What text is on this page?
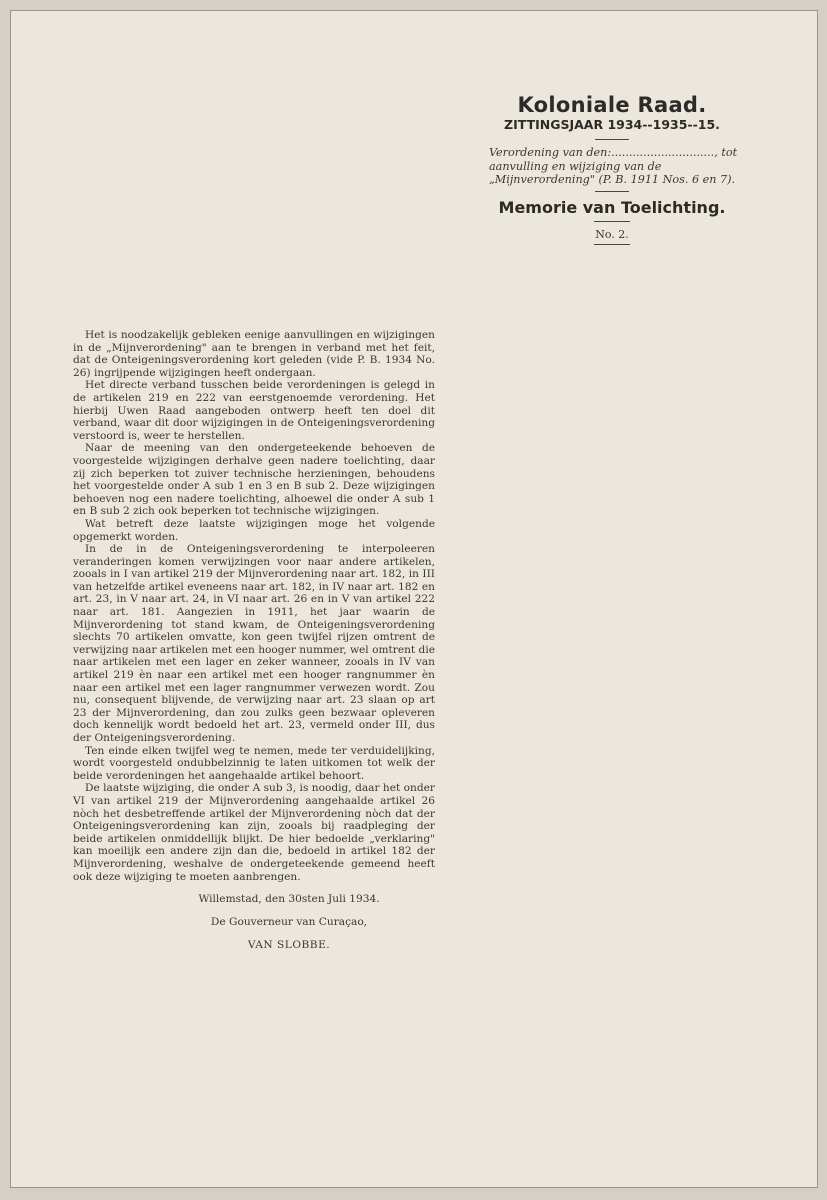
Koloniale Raad.
ZITTINGSJAAR 1934--1935--15.
Verordening van den:............................., tot aanvulling en wijziging van de „Mijnverordening" (P. B. 1911 Nos. 6 en 7).
Memorie van Toelichting.
No. 2.

Het is noodzakelijk gebleken eenige aanvullingen en wijzigingen in de „Mijnverordening" aan te brengen in verband met het feit, dat de Onteigeningsverordening kort geleden (vide P. B. 1934 No. 26) ingrijpende wijzigingen heeft ondergaan.

Het directe verband tusschen beide verordeningen is gelegd in de artikelen 219 en 222 van eerstgenoemde verordening. Het hierbij Uwen Raad aangeboden ontwerp heeft ten doel dit verband, waar dit door wijzigingen in de Onteigeningsverordening verstoord is, weer te herstellen.

Naar de meening van den ondergeteekende behoeven de voorgestelde wijzigingen derhalve geen nadere toelichting, daar zij zich beperken tot zuiver technische herzieningen, behoudens het voorgestelde onder A sub 1 en 3 en B sub 2. Deze wijzigingen behoeven nog een nadere toelichting, alhoewel die onder A sub 1 en B sub 2 zich ook beperken tot technische wijzigingen.

Wat betreft deze laatste wijzigingen moge het volgende opgemerkt worden.

In de in de Onteigeningsverordening te interpoleeren veranderingen komen verwijzingen voor naar andere artikelen, zooals in I van artikel 219 der Mijnverordening naar art. 182, in III van hetzelfde artikel eveneens naar art. 182, in IV naar art. 182 en art. 23, in V naar art. 24, in VI naar art. 26 en in V van artikel 222 naar art. 181. Aangezien in 1911, het jaar waarin de Mijnverordening tot stand kwam, de Onteigeningsverordening slechts 70 artikelen omvatte, kon geen twijfel rijzen omtrent de verwijzing naar artikelen met een hooger nummer, wel omtrent die naar artikelen met een lager en zeker wanneer, zooals in IV van artikel 219 èn naar een artikel met een hooger rangnummer èn naar een artikel met een lager rangnummer verwezen wordt. Zou nu, consequent blijvende, de verwijzing naar art. 23 slaan op art 23 der Mijnverordening, dan zou zulks geen bezwaar opleveren doch kennelijk wordt bedoeld het art. 23, vermeld onder III, dus der Onteigeningsverordening.

Ten einde elken twijfel weg te nemen, mede ter verduidelijking, wordt voorgesteld ondubbelzinnig te laten uitkomen tot welk der beide verordeningen het aangehaalde artikel behoort.

De laatste wijziging, die onder A sub 3, is noodig, daar het onder VI van artikel 219 der Mijnverordening aangehaalde artikel 26 nòch het desbetreffende artikel der Mijnverordening nòch dat der Onteigeningsverordening kan zijn, zooals bij raadpleging der beide artikelen onmiddellijk blijkt. De hier bedoelde „verklaring" kan moeilijk een andere zijn dan die, bedoeld in artikel 182 der Mijnverordening, weshalve de ondergeteekende gemeend heeft ook deze wijziging te moeten aanbrengen.

Willemstad, den 30sten Juli 1934.
De Gouverneur van Curaçao,
VAN SLOBBE.
